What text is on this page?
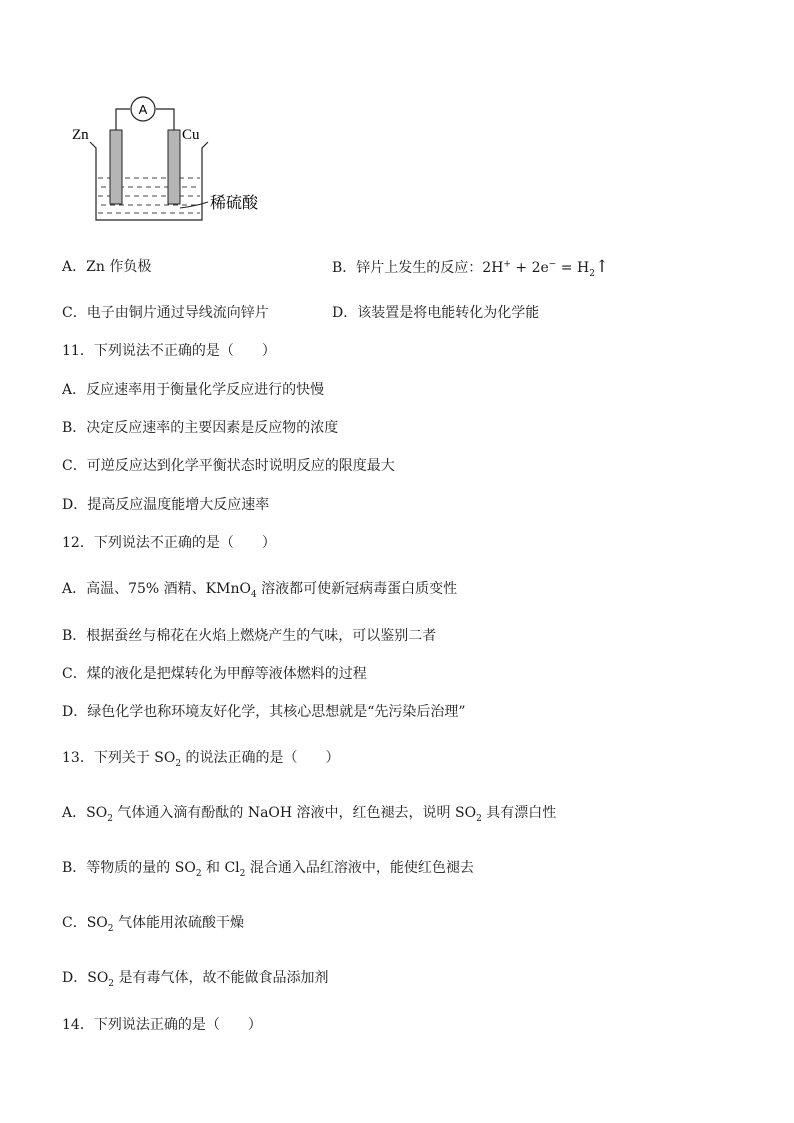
A
Zn	Cu
稀硫酸
A．Zn 作负极	B．锌片上发生的反应：$2H^+ + 2e^- = H_2↑$
C．电子由铜片通过导线流向锌片	D．该装置是将电能转化为化学能
11．下列说法不正确的是（　　）
A．反应速率用于衡量化学反应进行的快慢
B．决定反应速率的主要因素是反应物的浓度
C．可逆反应达到化学平衡状态时说明反应的限度最大
D．提高反应温度能增大反应速率
12．下列说法不正确的是（　　）
A．高温、75% 酒精、KMnO$_4$ 溶液都可使新冠病毒蛋白质变性
B．根据蚕丝与棉花在火焰上燃烧产生的气味，可以鉴别二者
C．煤的液化是把煤转化为甲醇等液体燃料的过程
D．绿色化学也称环境友好化学，其核心思想就是“先污染后治理”
13．下列关于 $SO_2$ 的说法正确的是（　　）
A．$SO_2$ 气体通入滴有酚酞的 NaOH 溶液中，红色褪去，说明 $SO_2$ 具有漂白性
B．等物质的量的 $SO_2$ 和 $Cl_2$ 混合通入品红溶液中，能使红色褪去
C．$SO_2$ 气体能用浓硫酸干燥
D．$SO_2$ 是有毒气体，故不能做食品添加剂
14．下列说法正确的是（　　）
